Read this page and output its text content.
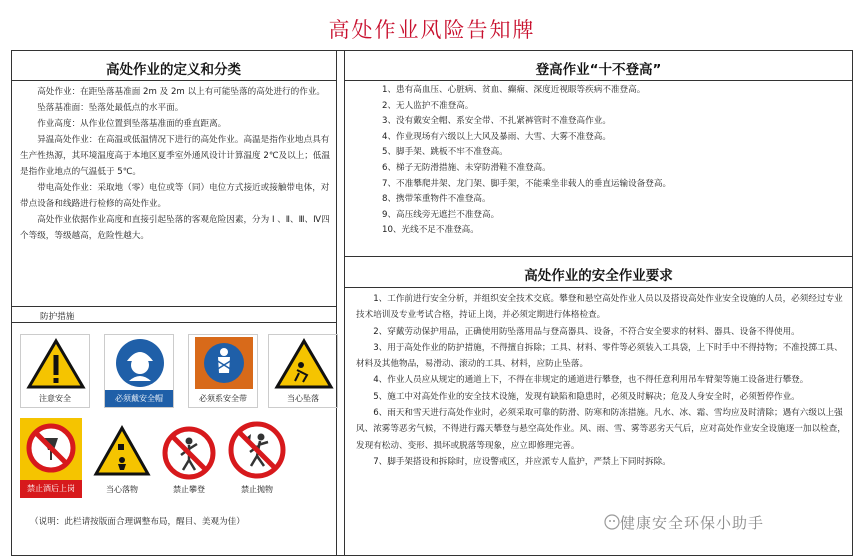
高处作业风险告知牌
高处作业的定义和分类	登高作业“十不登高”

高处作业：在距坠落基准面 2m 及 2m 以上有可能坠落的高处进行的作业。

坠落基准面：坠落处最低点的水平面。

作业高度：从作业位置到坠落基准面的垂直距离。

异温高处作业：在高温或低温情况下进行的高处作业。高温是指作业地点具有生产性热源，其环境温度高于本地区夏季室外通风设计计算温度 2℃及以上；低温是指作业地点的气温低于 5℃。

带电高处作业：采取地（零）电位或等（同）电位方式接近或接触带电体，对带点设备和线路进行检修的高处作业。

高处作业依据作业高度和直接引起坠落的客观危险因素，分为 Ⅰ 、Ⅱ、Ⅲ、Ⅳ四个等级，等级越高，危险性越大。

防护措施
注意安全	必须戴安全帽	必须系安全带	当心坠落
禁止酒后上岗	当心落物	禁止攀登	禁止抛物
（说明：此栏请按版面合理调整布局，醒目、美观为佳）
1、患有高血压、心脏病、贫血、癫痫、深度近视眼等疾病不准登高。
2、无人监护不准登高。
3、没有戴安全帽、系安全带、不扎紧裤管时不准登高作业。
4、作业现场有六级以上大风及暴雨、大雪、大雾不准登高。
5、脚手架、跳板不牢不准登高。
6、梯子无防滑措施、未穿防滑鞋不准登高。
7、不准攀爬井架、龙门架、脚手架，不能乘坐非载人的垂直运输设备登高。
8、携带笨重物件不准登高。
9、高压线旁无遮拦不准登高。
10、光线不足不准登高。
高处作业的安全作业要求

1、工作前进行安全分析，并组织安全技术交底。攀登和悬空高处作业人员以及搭设高处作业安全设施的人员，必须经过专业技术培训及专业考试合格，持证上岗，并必须定期进行体格检查。

2、穿戴劳动保护用品，正确使用防坠落用品与登高器具、设备，不符合安全要求的材料、器具、设备不得使用。

3、用于高处作业的防护措施，不得擅自拆除；工具、材料、零件等必须装入工具袋，上下时手中不得持物；不准投掷工具、材料及其他物品，易滑动、滚动的工具、材料，应防止坠落。

4、作业人员应从规定的通道上下，不得在非规定的通道进行攀登，也不得任意利用吊车臂架等施工设备进行攀登。

5、施工中对高处作业的安全技术设施，发现有缺陷和隐患时，必须及时解决；危及人身安全时，必须暂停作业。

6、雨天和雪天进行高处作业时，必须采取可靠的防滑、防寒和防冻措施。凡水、冰、霜、雪均应及时清除；遇有六级以上强风、浓雾等恶劣气候，不得进行露天攀登与悬空高处作业。风、雨、雪、雾等恶劣天气后，应对高处作业安全设施逐一加以检查，发现有松动、变形、损坏或脱落等现象，应立即修理完善。

7、脚手架搭设和拆除时，应设警戒区，并应派专人监护，严禁上下同时拆除。

健康安全环保小助手
